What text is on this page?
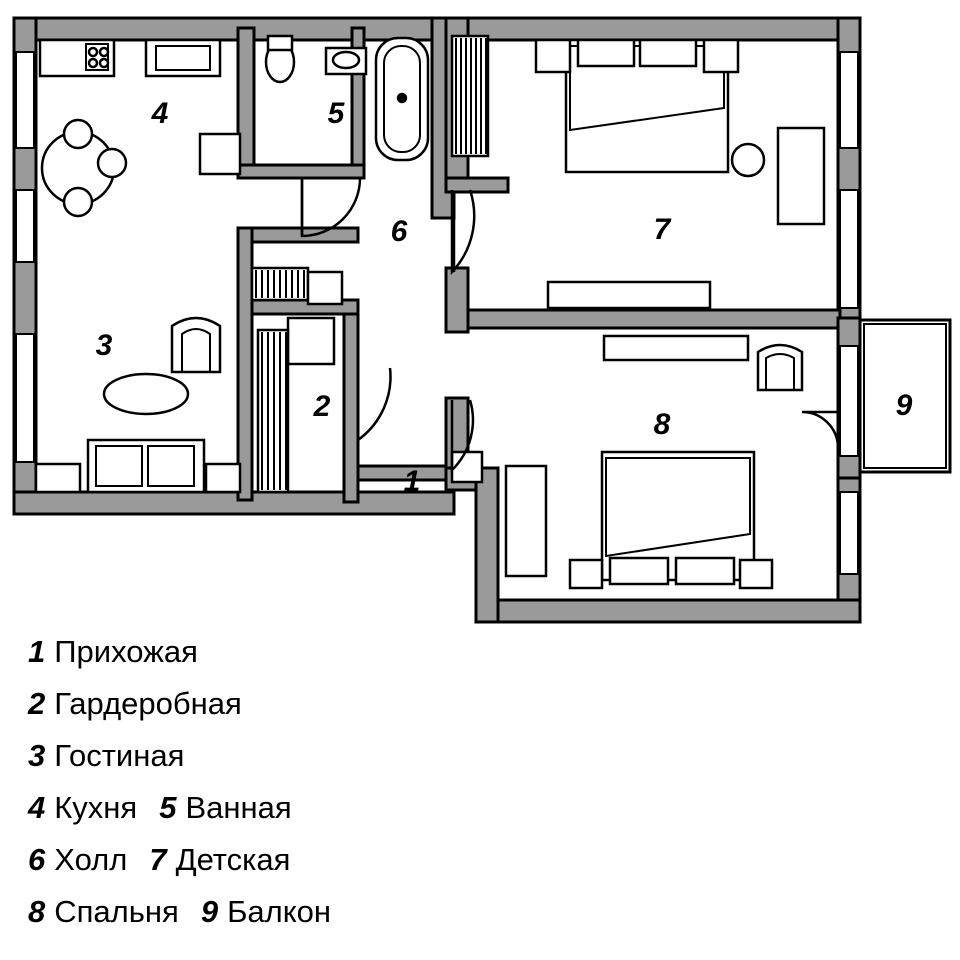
1
2
3
4	5
6	7
8
9
1 Прихожая
2 Гардеробная
3 Гостиная
4 Кухня 5 Ванная
6 Холл 7 Детская
8 Спальня 9 Балкон
